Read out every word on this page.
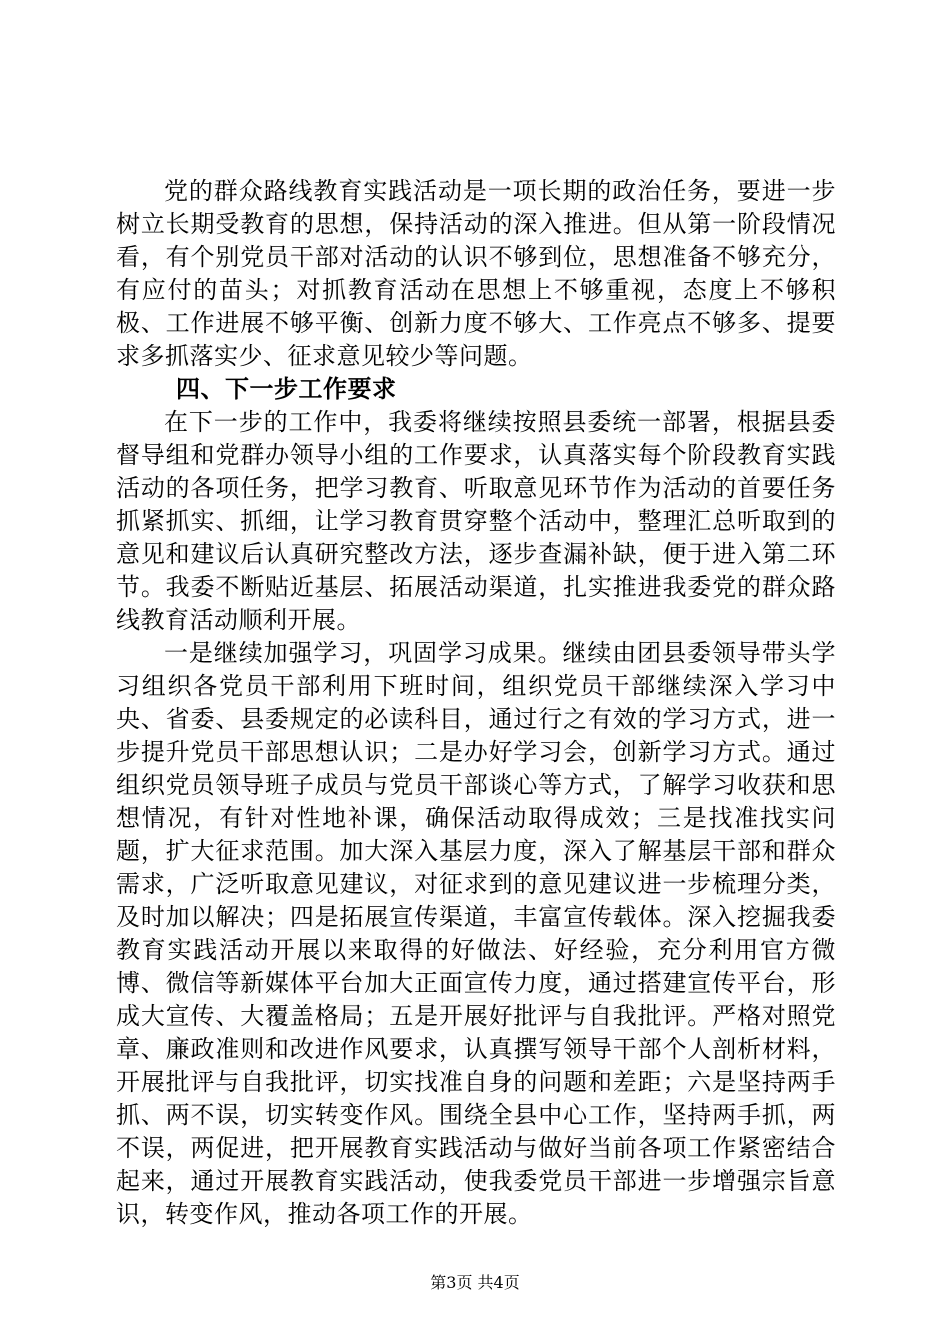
党的群众路线教育实践活动是一项长期的政治任务，要进一步树立长期受教育的思想，保持活动的深入推进。但从第一阶段情况看，有个别党员干部对活动的认识不够到位，思想准备不够充分，有应付的苗头；对抓教育活动在思想上不够重视，态度上不够积极、工作进展不够平衡、创新力度不够大、工作亮点不够多、提要求多抓落实少、征求意见较少等问题。

四、下一步工作要求

在下一步的工作中，我委将继续按照县委统一部署，根据县委督导组和党群办领导小组的工作要求，认真落实每个阶段教育实践活动的各项任务，把学习教育、听取意见环节作为活动的首要任务抓紧抓实、抓细，让学习教育贯穿整个活动中，整理汇总听取到的意见和建议后认真研究整改方法，逐步查漏补缺，便于进入第二环节。我委不断贴近基层、拓展活动渠道，扎实推进我委党的群众路线教育活动顺利开展。

一是继续加强学习，巩固学习成果。继续由团县委领导带头学习组织各党员干部利用下班时间，组织党员干部继续深入学习中央、省委、县委规定的必读科目，通过行之有效的学习方式，进一步提升党员干部思想认识；二是办好学习会，创新学习方式。通过组织党员领导班子成员与党员干部谈心等方式，了解学习收获和思想情况，有针对性地补课，确保活动取得成效；三是找准找实问题，扩大征求范围。加大深入基层力度，深入了解基层干部和群众需求，广泛听取意见建议，对征求到的意见建议进一步梳理分类，及时加以解决；四是拓展宣传渠道，丰富宣传载体。深入挖掘我委教育实践活动开展以来取得的好做法、好经验，充分利用官方微博、微信等新媒体平台加大正面宣传力度，通过搭建宣传平台，形成大宣传、大覆盖格局；五是开展好批评与自我批评。严格对照党章、廉政准则和改进作风要求，认真撰写领导干部个人剖析材料，开展批评与自我批评，切实找准自身的问题和差距；六是坚持两手抓、两不误，切实转变作风。围绕全县中心工作，坚持两手抓，两不误，两促进，把开展教育实践活动与做好当前各项工作紧密结合起来，通过开展教育实践活动，使我委党员干部进一步增强宗旨意识，转变作风，推动各项工作的开展。

第3页 共4页
